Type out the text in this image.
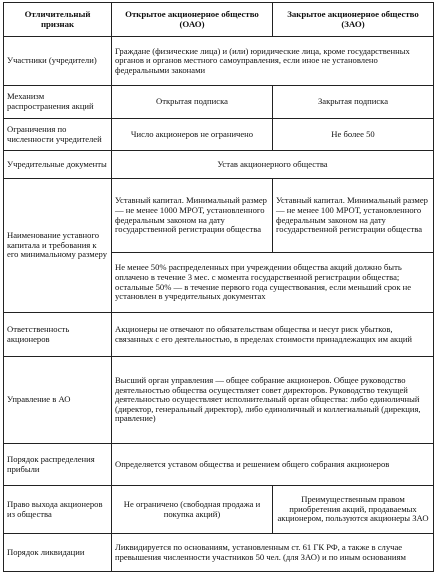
Отличительный признак	Открытое акционерное общество (ОАО)	Закрытое акционерное общество (ЗАО)
Участники (учредители)	Граждане (физические лица) и (или) юридические лица, кроме государственных органов и органов местного самоуправления, если иное не установлено федеральными законами	
Механизм распространения акций	Открытая подписка	Закрытая подписка
Ограничения по численности учредителей	Число акционеров не ограничено	Не более 50
Учредительные документы	Устав акционерного общества	
Наименование уставного капитала и требования к его минимальному размеру	Уставный капитал. Минимальный размер — не менее 1000 МРОТ, установленного федеральным законом на дату государственной регистрации общества	Уставный капитал. Минимальный размер — не менее 100 МРОТ, установленного федеральным законом на дату государственной регистрации общества
	Не менее 50% распределенных при учреждении общества акций должно быть оплачено в течение 3 мес. с момента государственной регистрации общества; остальные 50% — в течение первого года существования, если меньший срок не установлен в учредительных документах	
Ответственность акционеров	Акционеры не отвечают по обязательствам общества и несут риск убытков, связанных с его деятельностью, в пределах стоимости принадлежащих им акций	
Управление в АО	Высший орган управления — общее собрание акционеров. Общее руководство деятельностью общества осуществляет совет директоров. Руководство текущей деятельностью осуществляет исполнительный орган общества: либо единоличный (директор, генеральный директор), либо единоличный и коллегиальный (дирекция, правление)	
Порядок распределения прибыли	Определяется уставом общества и решением общего собрания акционеров	
Право выхода акционеров из общества	Не ограничено (свободная продажа и покупка акций)	Преимущественным правом приобретения акций, продаваемых акционером, пользуются акционеры ЗАО
Порядок ликвидации	Ликвидируется по основаниям, установленным ст. 61 ГК РФ, а также в случае превышения численности участников 50 чел. (для ЗАО) и по иным основаниям	
